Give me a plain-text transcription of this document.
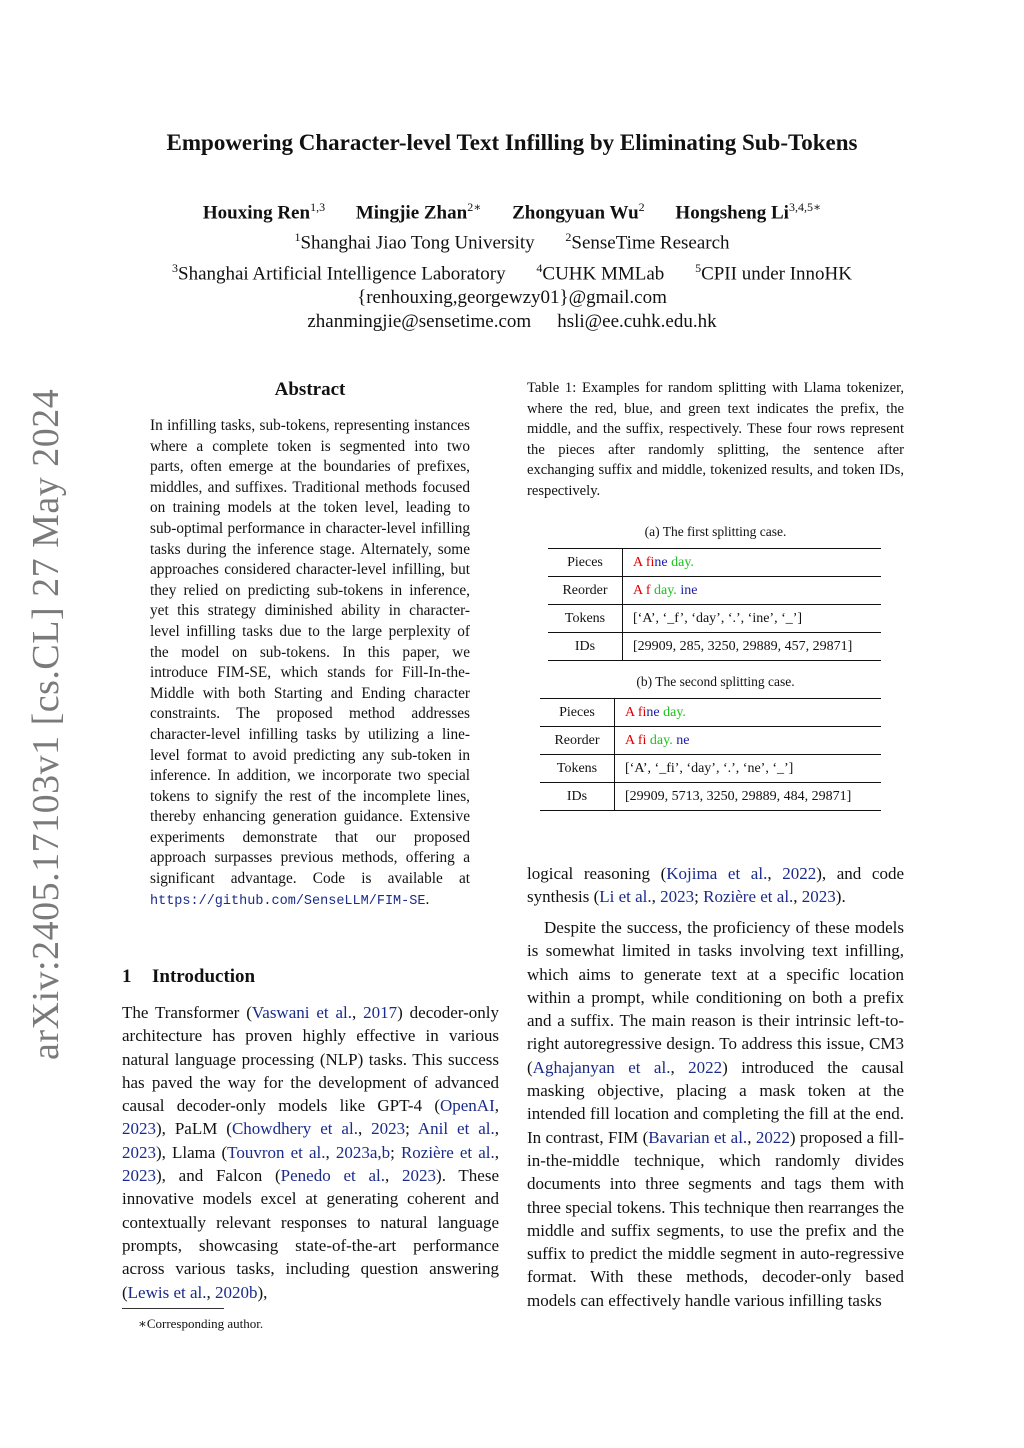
arXiv:2405.17103v1 [cs.CL] 27 May 2024
Empowering Character-level Text Infilling by Eliminating Sub-Tokens
Houxing Ren$^{1,3}$ Mingjie Zhan$^{2∗}$ Zhongyuan Wu$^2$ Hongsheng $Li^{3,4,5∗}$
$^1$Shanghai Jiao Tong University	$^2$SenseTime Research
$^3$Shanghai Artificial Intelligence Laboratory	$^4$CUHK MMLab	$^5$CPII under InnoHK
{renhouxing,georgewzy01}@gmail.com
zhanmingjie@sensetime.com hsli@ee.cuhk.edu.hk
Abstract
In infilling tasks, sub-tokens, representing instances where a complete token is segmented into two parts, often emerge at the boundaries of prefixes, middles, and suffixes. Traditional methods focused on training models at the token level, leading to sub-optimal performance in character-level infilling tasks during the inference stage. Alternately, some approaches considered character-level infilling, but they relied on predicting sub-tokens in inference, yet this strategy diminished ability in character-level infilling tasks due to the large perplexity of the model on sub-tokens. In this paper, we introduce FIM-SE, which stands for Fill-In-the-Middle with both Starting and Ending character constraints. The proposed method addresses character-level infilling tasks by utilizing a line-level format to avoid predicting any sub-token in inference. In addition, we incorporate two special tokens to signify the rest of the incomplete lines, thereby enhancing generation guidance. Extensive experiments demonstrate that our proposed approach surpasses previous methods, offering a significant advantage. Code is available at https://github.com/SenseLLM/FIM-SE.
1 Introduction
The Transformer (Vaswani et al., 2017) decoder-only architecture has proven highly effective in various natural language processing (NLP) tasks. This success has paved the way for the development of advanced causal decoder-only models like GPT-4 (OpenAI, 2023), PaLM (Chowdhery et al., 2023; Anil et al., 2023), Llama (Touvron et al., 2023a,b; Rozière et al., 2023), and Falcon (Penedo et al., 2023). These innovative models excel at generating coherent and contextually relevant responses to natural language prompts, showcasing state-of-the-art performance across various tasks, including question answering (Lewis et al., 2020b),
∗Corresponding author.
Table 1: Examples for random splitting with Llama tokenizer, where the red, blue, and green text indicates the prefix, the middle, and the suffix, respectively. These four rows represent the pieces after randomly splitting, the sentence after exchanging suffix and middle, tokenized results, and token IDs, respectively.
(a) The first splitting case.
Pieces	A fine day.
Reorder	A f day. ine
Tokens	[‘A’, ‘_f’, ‘day’, ‘.’, ‘ine’, ‘_’]
IDs	[29909, 285, 3250, 29889, 457, 29871]
(b) The second splitting case.
Pieces	A fine day.
Reorder	A fi day. ne
Tokens	[‘A’, ‘_fi’, ‘day’, ‘.’, ‘ne’, ‘_’]
IDs	[29909, 5713, 3250, 29889, 484, 29871]
logical reasoning (Kojima et al., 2022), and code synthesis (Li et al., 2023; Rozière et al., 2023).
Despite the success, the proficiency of these models is somewhat limited in tasks involving text infilling, which aims to generate text at a specific location within a prompt, while conditioning on both a prefix and a suffix. The main reason is their intrinsic left-to-right autoregressive design. To address this issue, CM3 (Aghajanyan et al., 2022) introduced the causal masking objective, placing a mask token at the intended fill location and completing the fill at the end. In contrast, FIM (Bavarian et al., 2022) proposed a fill-in-the-middle technique, which randomly divides documents into three segments and tags them with three special tokens. This technique then rearranges the middle and suffix segments, to use the prefix and the suffix to predict the middle segment in auto-regressive format. With these methods, decoder-only based models can effectively handle various infilling tasks
